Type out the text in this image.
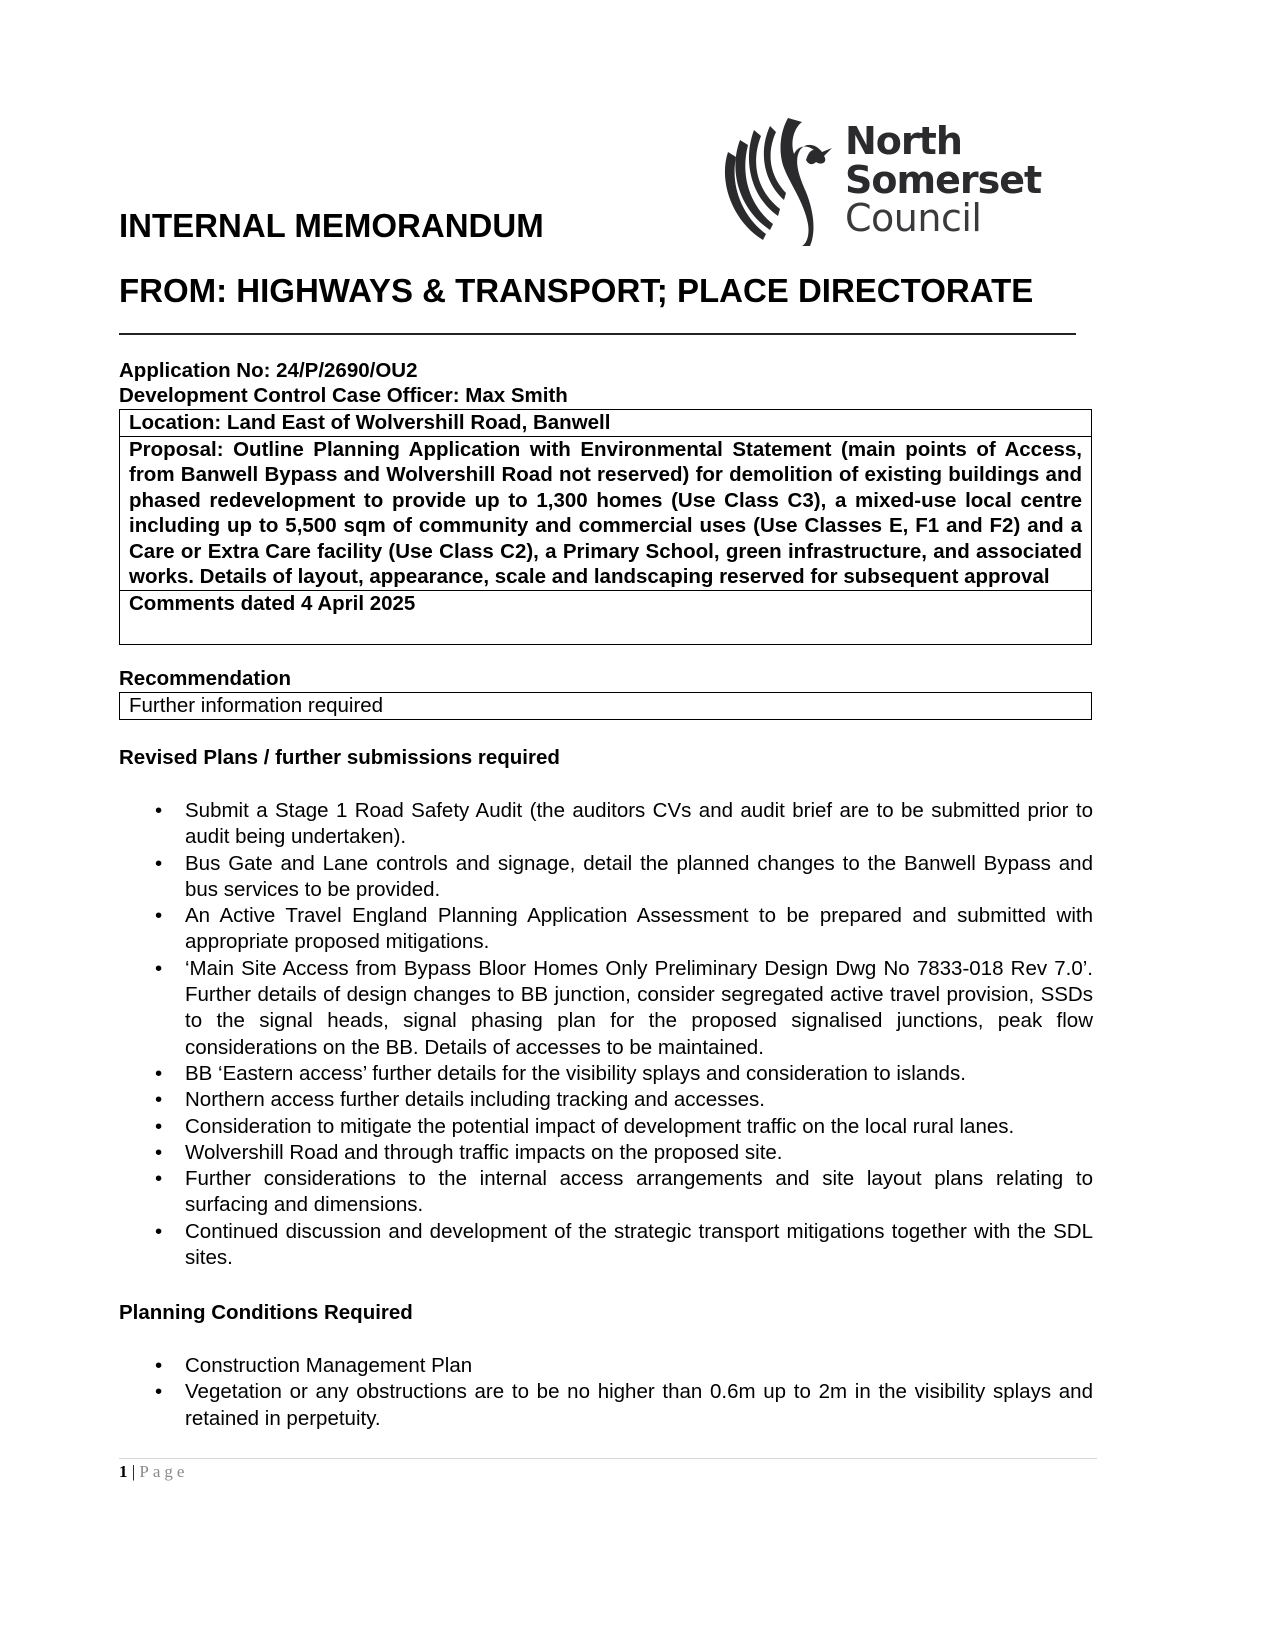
North
Somerset
Council
INTERNAL MEMORANDUM
FROM: HIGHWAYS & TRANSPORT; PLACE DIRECTORATE
Application No: 24/P/2690/OU2
Development Control Case Officer: Max Smith
Location: Land East of Wolvershill Road, Banwell
Proposal: Outline Planning Application with Environmental Statement (main points of Access, from Banwell Bypass and Wolvershill Road not reserved) for demolition of existing buildings and phased redevelopment to provide up to 1,300 homes (Use Class C3), a mixed-use local centre including up to 5,500 sqm of community and commercial uses (Use Classes E, F1 and F2) and a Care or Extra Care facility (Use Class C2), a Primary School, green infrastructure, and associated works. Details of layout, appearance, scale and landscaping reserved for subsequent approval
Comments dated 4 April 2025
Recommendation
Further information required
Revised Plans / further submissions required
• Submit a Stage 1 Road Safety Audit (the auditors CVs and audit brief are to be submitted prior to audit being undertaken).
• Bus Gate and Lane controls and signage, detail the planned changes to the Banwell Bypass and bus services to be provided.
• An Active Travel England Planning Application Assessment to be prepared and submitted with appropriate proposed mitigations.
• ‘Main Site Access from Bypass Bloor Homes Only Preliminary Design Dwg No 7833-018 Rev 7.0’. Further details of design changes to BB junction, consider segregated active travel provision, SSDs to the signal heads, signal phasing plan for the proposed signalised junctions, peak flow considerations on the BB. Details of accesses to be maintained.
• BB ‘Eastern access’ further details for the visibility splays and consideration to islands.
• Northern access further details including tracking and accesses.
• Consideration to mitigate the potential impact of development traffic on the local rural lanes.
• Wolvershill Road and through traffic impacts on the proposed site.
• Further considerations to the internal access arrangements and site layout plans relating to surfacing and dimensions.
• Continued discussion and development of the strategic transport mitigations together with the SDL sites.
Planning Conditions Required
• Construction Management Plan
• Vegetation or any obstructions are to be no higher than 0.6m up to 2m in the visibility splays and retained in perpetuity.
1 | Page
